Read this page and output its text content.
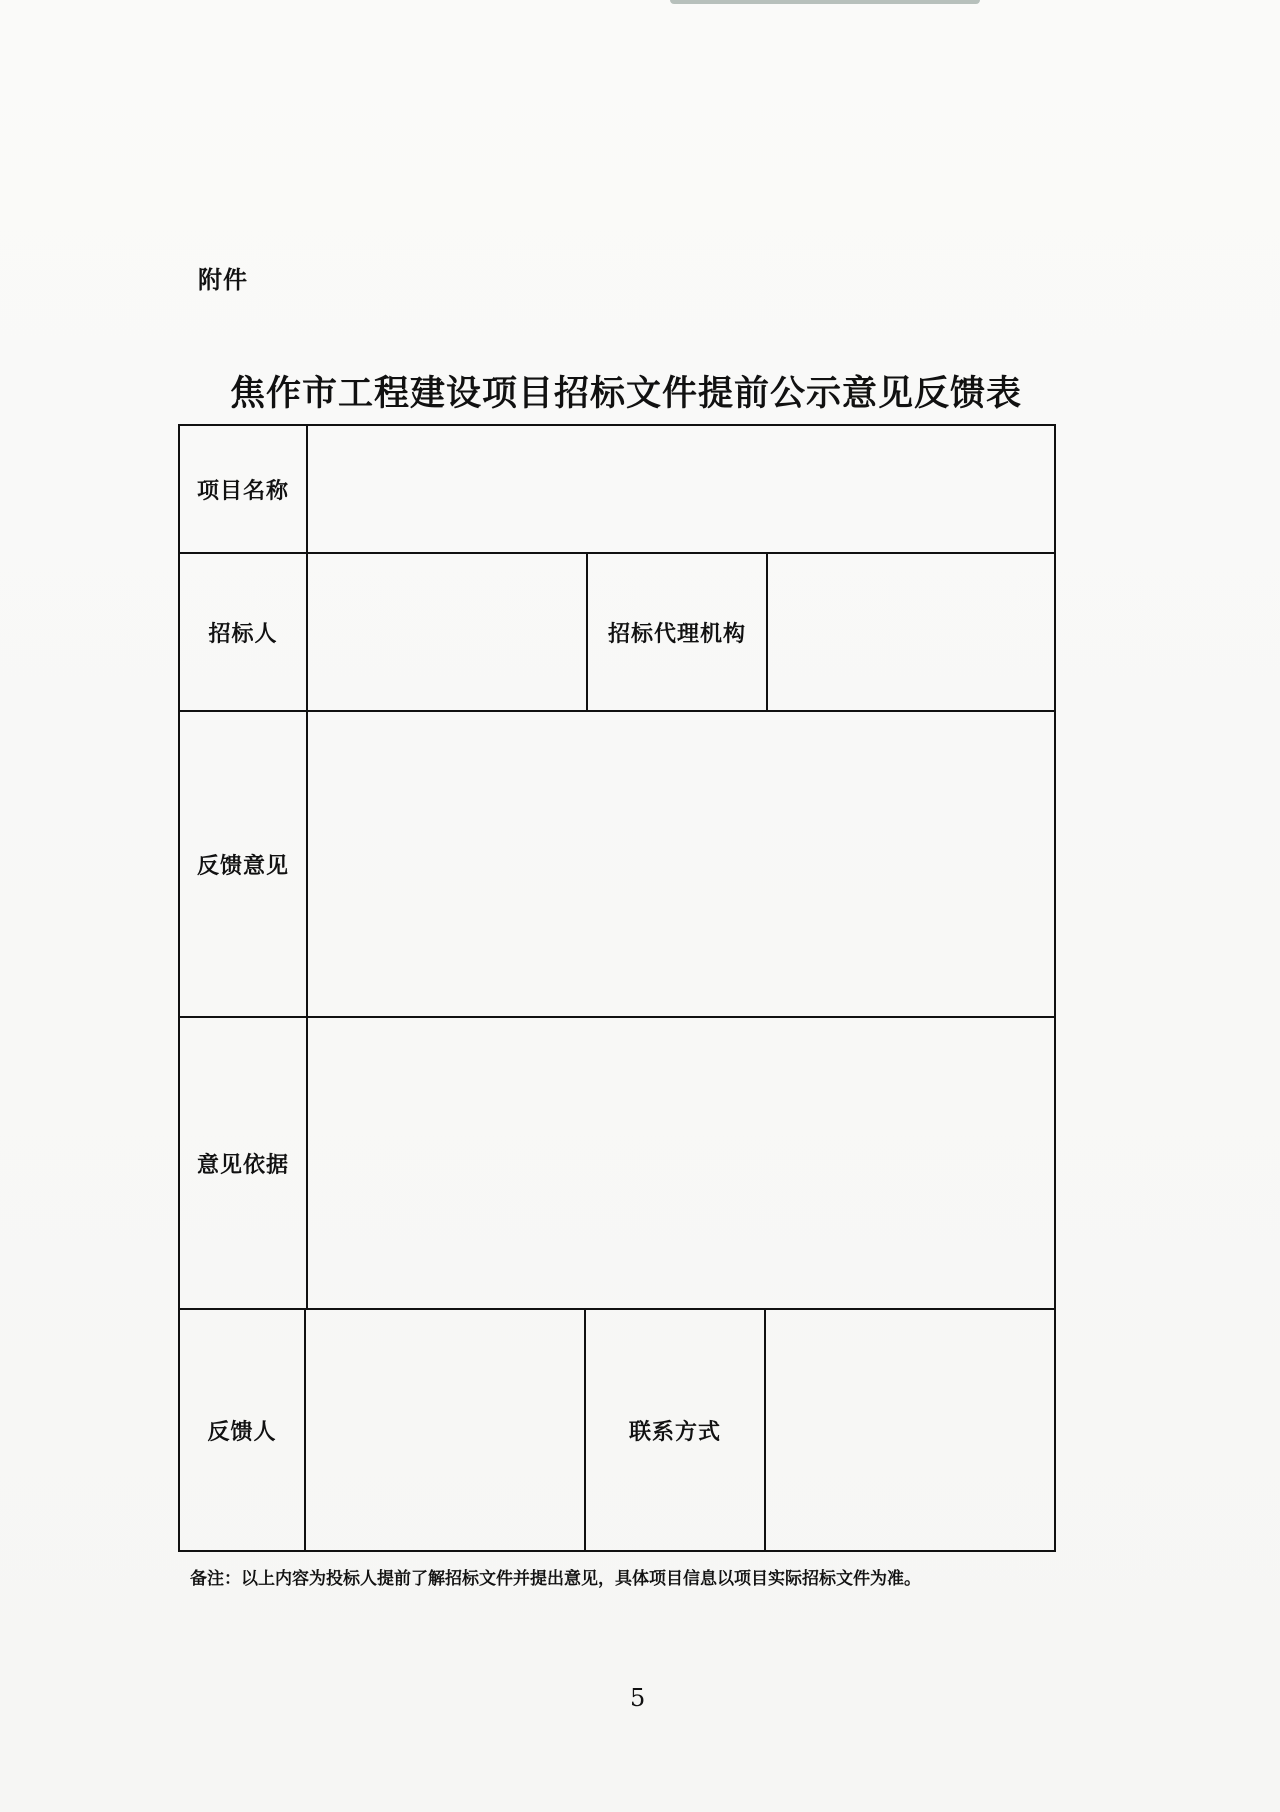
附件
焦作市工程建设项目招标文件提前公示意见反馈表
项目名称
招标人	招标代理机构
反馈意见
意见依据
反馈人	联系方式
备注：以上内容为投标人提前了解招标文件并提出意见，具体项目信息以项目实际招标文件为准。
5
